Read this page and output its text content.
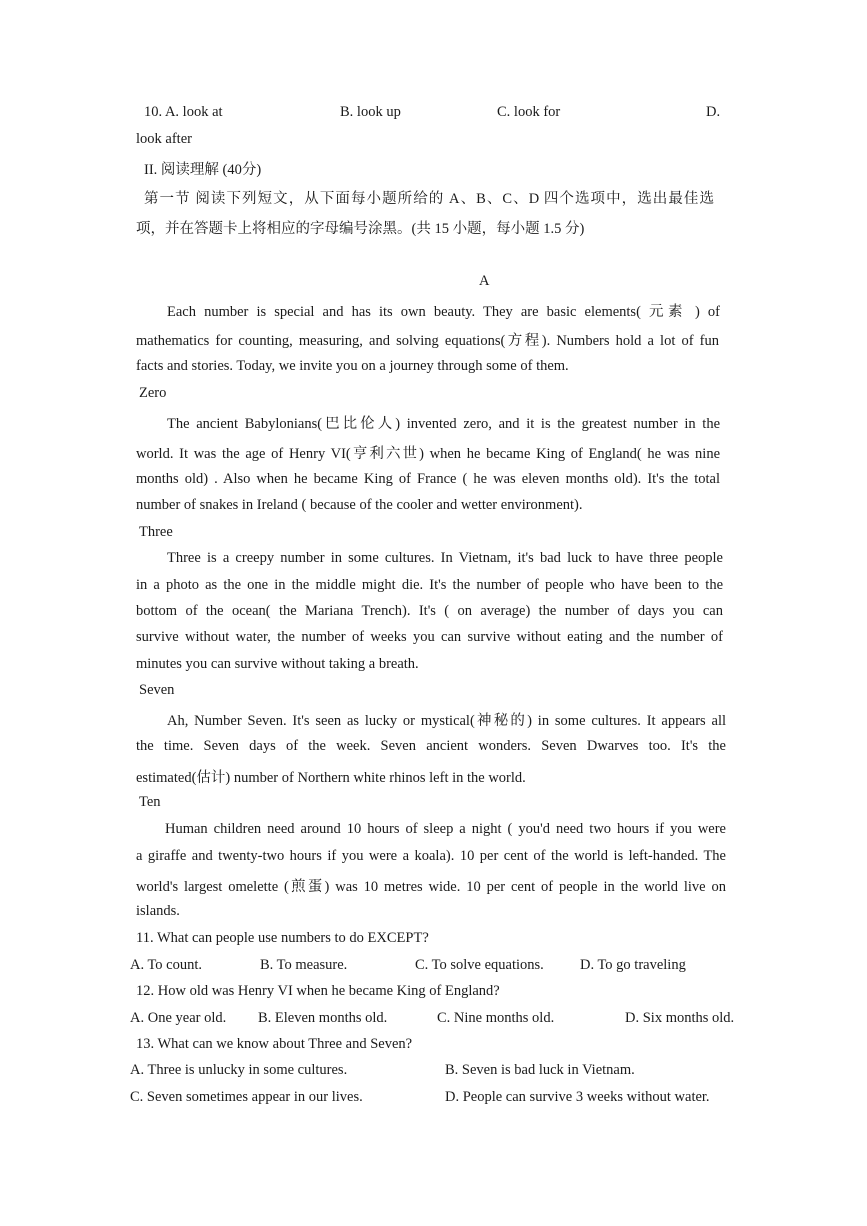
10. A. look at	B. look up	C. look for	D.
look after
II. 阅读理解 (40分)
第一节 阅读下列短文，从下面每小题所给的 A、B、C、D 四个选项中，选出最佳选
项，并在答题卡上将相应的字母编号涂黑。(共 15 小题，每小题 1.5 分)
A
Each number is special and has its own beauty. They are basic elements( 元素 ) of
mathematics for counting, measuring, and solving equations(方程). Numbers hold a lot of fun
facts and stories. Today, we invite you on a journey through some of them.
Zero
The ancient Babylonians(巴比伦人) invented zero, and it is the greatest number in the
world. It was the age of Henry VI(亨利六世) when he became King of England( he was nine
months old) . Also when he became King of France ( he was eleven months old). It's the total
number of snakes in Ireland ( because of the cooler and wetter environment).
Three
Three is a creepy number in some cultures. In Vietnam, it's bad luck to have three people
in a photo as the one in the middle might die. It's the number of people who have been to the
bottom of the ocean( the Mariana Trench). It's ( on average) the number of days you can
survive without water, the number of weeks you can survive without eating and the number of
minutes you can survive without taking a breath.
Seven
Ah, Number Seven. It's seen as lucky or mystical(神秘的) in some cultures. It appears all
the time. Seven days of the week. Seven ancient wonders. Seven Dwarves too. It's the
estimated(估计) number of Northern white rhinos left in the world.
Ten
Human children need around 10 hours of sleep a night ( you'd need two hours if you were
a giraffe and twenty-two hours if you were a koala). 10 per cent of the world is left-handed. The
world's largest omelette (煎蛋) was 10 metres wide. 10 per cent of people in the world live on
islands.
11. What can people use numbers to do EXCEPT?
A. To count.	B. To measure.	C. To solve equations. D. To go traveling
12. How old was Henry VI when he became King of England?
A. One year old. B. Eleven months old.	C. Nine months old.	D. Six months old.
13. What can we know about Three and Seven?
A. Three is unlucky in some cultures.	B. Seven is bad luck in Vietnam.
C. Seven sometimes appear in our lives.	D. People can survive 3 weeks without water.
